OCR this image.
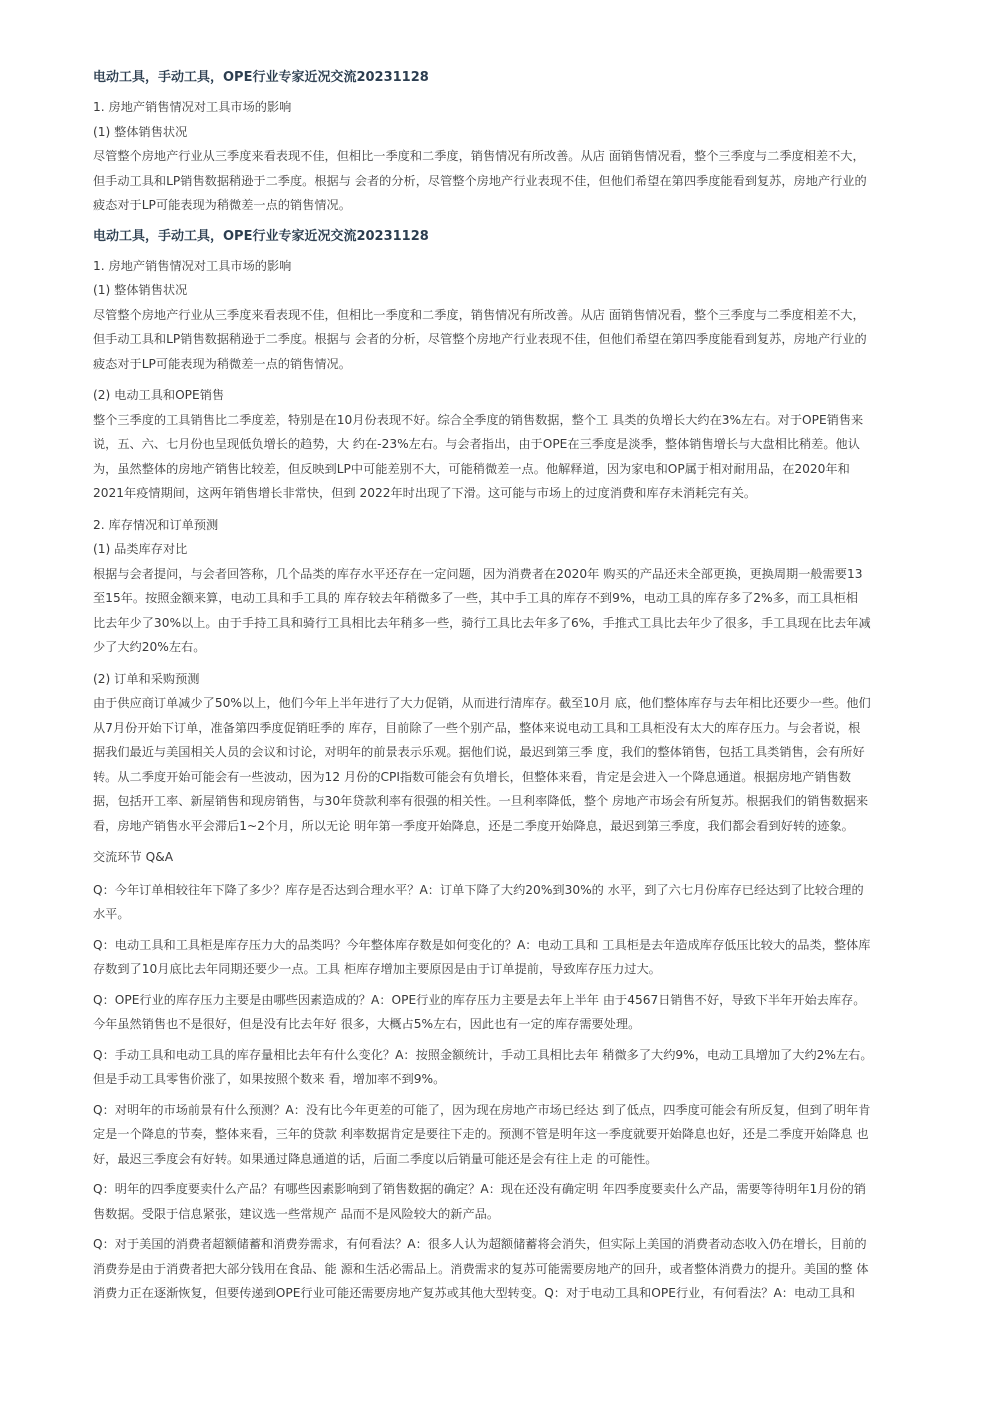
电动工具，手动工具，OPE行业专家近况交流20231128
1. 房地产销售情况对工具市场的影响
(1) 整体销售状况
尽管整个房地产行业从三季度来看表现不佳，但相比一季度和二季度，销售情况有所改善。从店 面销售情况看，整个三季度与二季度相差不大，
但手动工具和LP销售数据稍逊于二季度。根据与 会者的分析，尽管整个房地产行业表现不佳，但他们希望在第四季度能看到复苏，房地产行业的
疲态对于LP可能表现为稍微差一点的销售情况。
电动工具，手动工具，OPE行业专家近况交流20231128
1. 房地产销售情况对工具市场的影响
(1) 整体销售状况
尽管整个房地产行业从三季度来看表现不佳，但相比一季度和二季度，销售情况有所改善。从店 面销售情况看，整个三季度与二季度相差不大，
但手动工具和LP销售数据稍逊于二季度。根据与 会者的分析，尽管整个房地产行业表现不佳，但他们希望在第四季度能看到复苏，房地产行业的
疲态对于LP可能表现为稍微差一点的销售情况。
(2) 电动工具和OPE销售
整个三季度的工具销售比二季度差，特别是在10月份表现不好。综合全季度的销售数据，整个工 具类的负增长大约在3%左右。对于OPE销售来
说，五、六、七月份也呈现低负增长的趋势，大 约在-23%左右。与会者指出，由于OPE在三季度是淡季，整体销售增长与大盘相比稍差。他认
为，虽然整体的房地产销售比较差，但反映到LP中可能差别不大，可能稍微差一点。他解释道，因为家电和OP属于相对耐用品，在2020年和
2021年疫情期间，这两年销售增长非常快，但到 2022年时出现了下滑。这可能与市场上的过度消费和库存未消耗完有关。
2. 库存情况和订单预测
(1) 品类库存对比
根据与会者提问，与会者回答称，几个品类的库存水平还存在一定问题，因为消费者在2020年 购买的产品还未全部更换，更换周期一般需要13
至15年。按照金额来算，电动工具和手工具的 库存较去年稍微多了一些，其中手工具的库存不到9%，电动工具的库存多了2%多，而工具柜相
比去年少了30%以上。由于手持工具和骑行工具相比去年稍多一些，骑行工具比去年多了6%，手推式工具比去年少了很多，手工具现在比去年减
少了大约20%左右。
(2) 订单和采购预测
由于供应商订单减少了50%以上，他们今年上半年进行了大力促销，从而进行清库存。截至10月 底，他们整体库存与去年相比还要少一些。他们
从7月份开始下订单，准备第四季度促销旺季的 库存，目前除了一些个别产品，整体来说电动工具和工具柜没有太大的库存压力。与会者说，根
据我们最近与美国相关人员的会议和讨论，对明年的前景表示乐观。据他们说，最迟到第三季 度，我们的整体销售，包括工具类销售，会有所好
转。从二季度开始可能会有一些波动，因为12 月份的CPI指数可能会有负增长，但整体来看，肯定是会进入一个降息通道。根据房地产销售数
据，包括开工率、新屋销售和现房销售，与30年贷款利率有很强的相关性。一旦利率降低，整个 房地产市场会有所复苏。根据我们的销售数据来
看，房地产销售水平会滞后1~2个月，所以无论 明年第一季度开始降息，还是二季度开始降息，最迟到第三季度，我们都会看到好转的迹象。
交流环节 Q&A
Q：今年订单相较往年下降了多少？库存是否达到合理水平？A：订单下降了大约20%到30%的 水平，到了六七月份库存已经达到了比较合理的
水平。
Q：电动工具和工具柜是库存压力大的品类吗？今年整体库存数是如何变化的？A：电动工具和 工具柜是去年造成库存低压比较大的品类，整体库
存数到了10月底比去年同期还要少一点。工具 柜库存增加主要原因是由于订单提前，导致库存压力过大。
Q：OPE行业的库存压力主要是由哪些因素造成的？A：OPE行业的库存压力主要是去年上半年 由于4567日销售不好，导致下半年开始去库存。
今年虽然销售也不是很好，但是没有比去年好 很多，大概占5%左右，因此也有一定的库存需要处理。
Q：手动工具和电动工具的库存量相比去年有什么变化？A：按照金额统计，手动工具相比去年 稍微多了大约9%，电动工具增加了大约2%左右。
但是手动工具零售价涨了，如果按照个数来 看，增加率不到9%。
Q：对明年的市场前景有什么预测？A：没有比今年更差的可能了，因为现在房地产市场已经达 到了低点，四季度可能会有所反复，但到了明年肯
定是一个降息的节奏，整体来看，三年的贷款 利率数据肯定是要往下走的。预测不管是明年这一季度就要开始降息也好，还是二季度开始降息 也
好，最迟三季度会有好转。如果通过降息通道的话，后面二季度以后销量可能还是会有往上走 的可能性。
Q：明年的四季度要卖什么产品？有哪些因素影响到了销售数据的确定？A：现在还没有确定明 年四季度要卖什么产品，需要等待明年1月份的销
售数据。受限于信息紧张，建议选一些常规产 品而不是风险较大的新产品。
Q：对于美国的消费者超额储蓄和消费券需求，有何看法？A：很多人认为超额储蓄将会消失，但实际上美国的消费者动态收入仍在增长，目前的
消费券是由于消费者把大部分钱用在食品、能 源和生活必需品上。消费需求的复苏可能需要房地产的回升，或者整体消费力的提升。美国的整 体
消费力正在逐渐恢复，但要传递到OPE行业可能还需要房地产复苏或其他大型转变。Q：对于电动工具和OPE行业，有何看法？A：电动工具和
